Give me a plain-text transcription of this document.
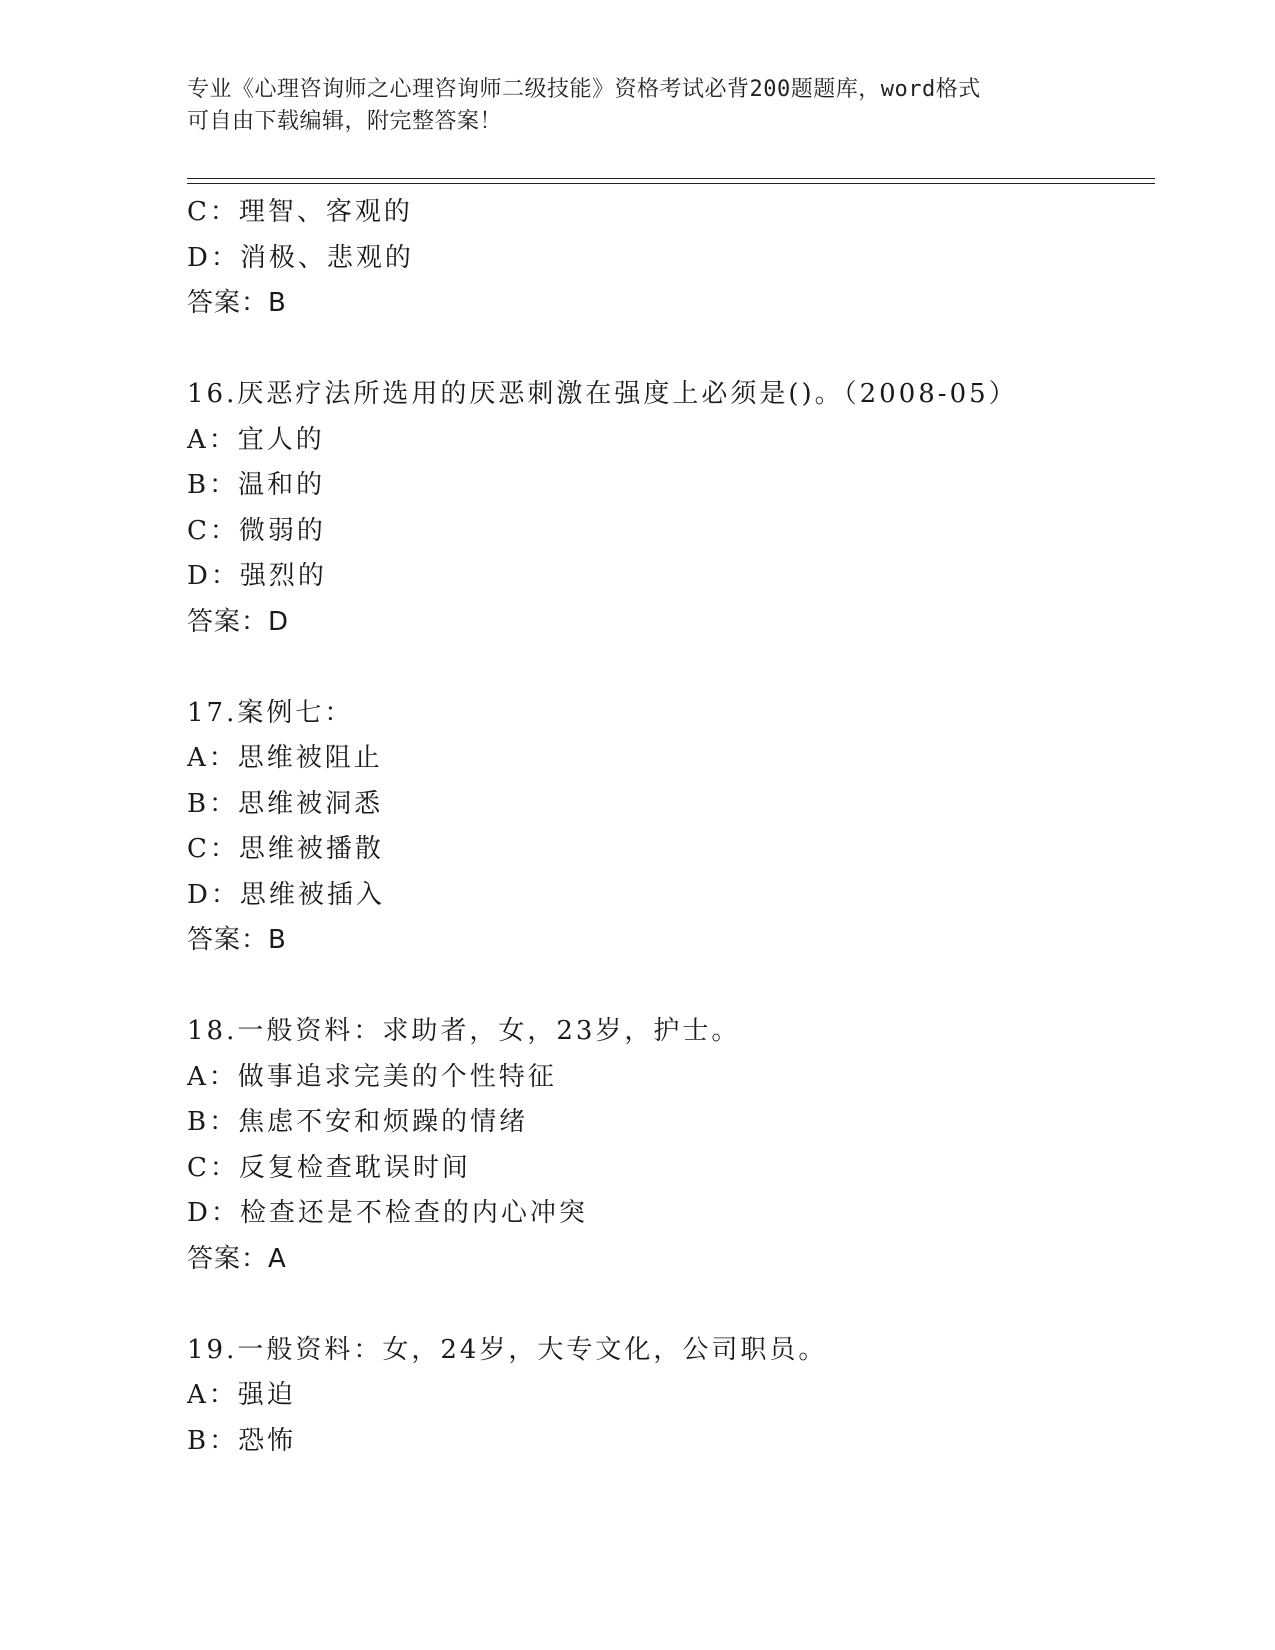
专业《心理咨询师之心理咨询师二级技能》资格考试必背200题题库，word格式
可自由下载编辑，附完整答案！
C：理智、客观的
D：消极、悲观的
答案：B
16.厌恶疗法所选用的厌恶刺激在强度上必须是()。（2008-05）
A：宜人的
B：温和的
C：微弱的
D：强烈的
答案：D
17.案例七：
A：思维被阻止
B：思维被洞悉
C：思维被播散
D：思维被插入
答案：B
18.一般资料：求助者，女，23岁，护士。
A：做事追求完美的个性特征
B：焦虑不安和烦躁的情绪
C：反复检查耽误时间
D：检查还是不检查的内心冲突
答案：A
19.一般资料：女，24岁，大专文化，公司职员。
A：强迫
B：恐怖
